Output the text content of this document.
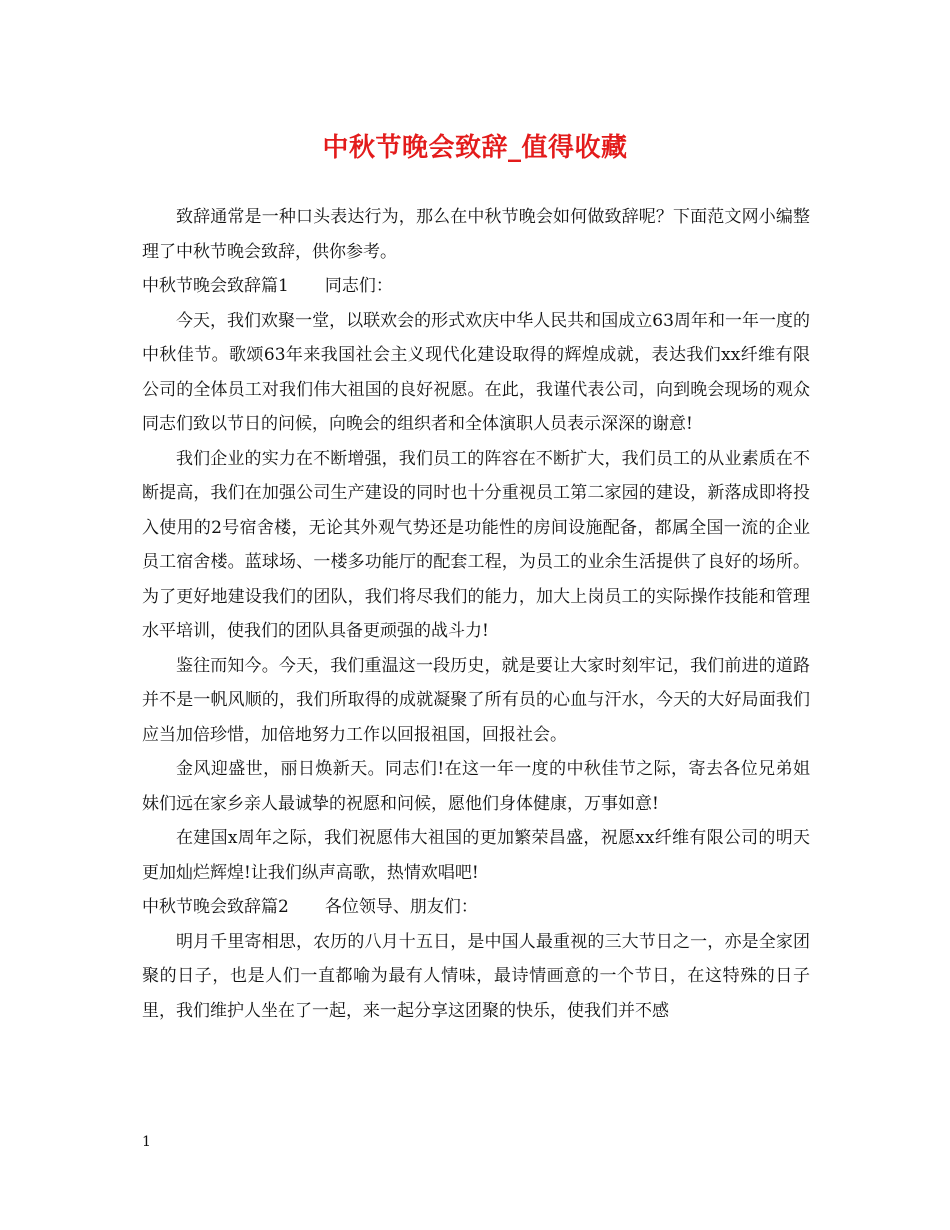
中秋节晚会致辞_值得收藏

致辞通常是一种口头表达行为，那么在中秋节晚会如何做致辞呢？下面范文网小编整理了中秋节晚会致辞，供你参考。

中秋节晚会致辞篇1 同志们：

今天，我们欢聚一堂，以联欢会的形式欢庆中华人民共和国成立63周年和一年一度的中秋佳节。歌颂63年来我国社会主义现代化建设取得的辉煌成就，表达我们xx纤维有限公司的全体员工对我们伟大祖国的良好祝愿。在此，我谨代表公司，向到晚会现场的观众同志们致以节日的问候，向晚会的组织者和全体演职人员表示深深的谢意!

我们企业的实力在不断增强，我们员工的阵容在不断扩大，我们员工的从业素质在不断提高，我们在加强公司生产建设的同时也十分重视员工第二家园的建设，新落成即将投入使用的2号宿舍楼，无论其外观气势还是功能性的房间设施配备，都属全国一流的企业员工宿舍楼。蓝球场、一楼多功能厅的配套工程，为员工的业余生活提供了良好的场所。为了更好地建设我们的团队，我们将尽我们的能力，加大上岗员工的实际操作技能和管理水平培训，使我们的团队具备更顽强的战斗力!

鉴往而知今。今天，我们重温这一段历史，就是要让大家时刻牢记，我们前进的道路并不是一帆风顺的，我们所取得的成就凝聚了所有员的心血与汗水，今天的大好局面我们应当加倍珍惜，加倍地努力工作以回报祖国，回报社会。

金风迎盛世，丽日焕新天。同志们!在这一年一度的中秋佳节之际，寄去各位兄弟姐妹们远在家乡亲人最诚挚的祝愿和问候，愿他们身体健康，万事如意!

在建国x周年之际，我们祝愿伟大祖国的更加繁荣昌盛，祝愿xx纤维有限公司的明天更加灿烂辉煌!让我们纵声高歌，热情欢唱吧!

中秋节晚会致辞篇2 各位领导、朋友们：

明月千里寄相思，农历的八月十五日，是中国人最重视的三大节日之一，亦是全家团聚的日子，也是人们一直都喻为最有人情味，最诗情画意的一个节日，在这特殊的日子里，我们维护人坐在了一起，来一起分享这团聚的快乐，使我们并不感

1
